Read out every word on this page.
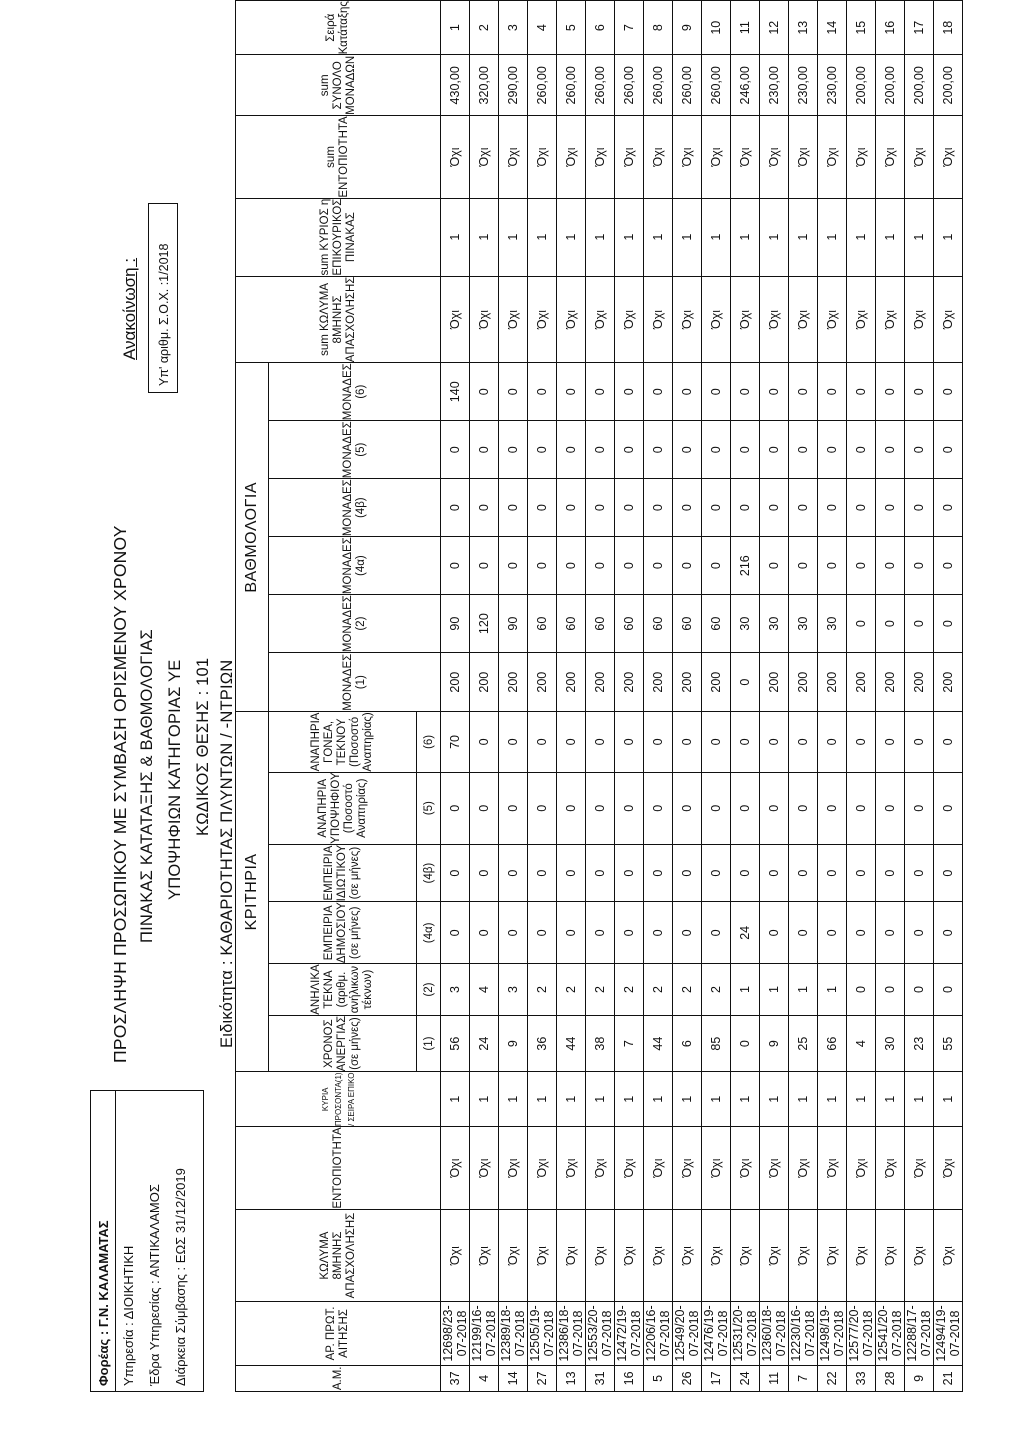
Φορέας : Γ.Ν. ΚΑΛΑΜΑΤΑΣ Υπηρεσία : ΔΙΟΙΚΗΤΙΚΗ Έδρα Υπηρεσίας : ΑΝΤΙΚΑΛΑΜΟΣ Διάρκεια Σύμβασης : ΕΩΣ 31/12/2019
ΠΡΟΣΛΗΨΗ ΠΡΟΣΩΠΙΚΟΥ ΜΕ ΣΥΜΒΑΣΗ ΟΡΙΣΜΕΝΟΥ ΧΡΟΝΟΥ ΠΙΝΑΚΑΣ ΚΑΤΑΤΑΞΗΣ & ΒΑΘΜΟΛΟΓΙΑΣ ΥΠΟΨΗΦΙΩΝ ΚΑΤΗΓΟΡΙΑΣ ΥΕ ΚΩΔΙΚΟΣ ΘΕΣΗΣ : 101 Ειδικότητα : ΚΑΘΑΡΙΟΤΗΤΑΣ ΠΛΥΝΤΩΝ / -ΝΤΡΙΩΝ
Ανακοίνωση :	Υπ' αριθμ. Σ.Ο.Χ. :1/2018
Α.Μ.	ΑΡ. ΠΡΩΤ. ΑΙΤΗΣΗΣ	ΚΩΛΥΜΑ 8ΜΗΝΗΣ ΑΠΑΣΧΟΛΗΣΗΣ	ΕΝΤΟΠΙΟΤΗΤΑ	ΚΥΡΙΑ ΠΡΟΣΟΝΤΑ(1) / ΣΕΙΡΑ ΕΠΙΚΟ	ΚΡΙΤΗΡΙΑ						ΒΑΘΜΟΛΟΓΙΑ						sum ΚΩΛΥΜΑ 8ΜΗΝΗΣ ΑΠΑΣΧΟΛΗΣΗΣ	sum ΚΥΡΙΟΣ η ΕΠΙΚΟΥΡΙΚΟΣ ΠΙΝΑΚΑΣ	sum ΕΝΤΟΠΙΟΤΗΤΑ	sum ΣΥΝΟΛΟ ΜΟΝΑΔΩΝ	Σειρά Κατάταξης
					ΧΡΟΝΟΣ ΑΝΕΡΓΙΑΣ (σε μήνες)	ΑΝΗΛΙΚΑ ΤΕΚΝΑ (αριθμ. ανήλικων τέκνων)	ΕΜΠΕΙΡΙΑ ΔΗΜΟΣΙΟΥ (σε μήνες)	ΕΜΠΕΙΡΙΑ ΙΔΙΩΤΙΚΟΥ (σε μήνες)	ΑΝΑΠΗΡΙΑ ΥΠΟΨΗΦΙΟΥ (Ποσοστό Αναπηρίας)	ΑΝΑΠΗΡΙΑ ΓΟΝΕΑ, ΤΕΚΝΟΥ (Ποσοστό Αναπηρίας)	ΜΟΝΑΔΕΣ (1)	ΜΟΝΑΔΕΣ (2)	ΜΟΝΑΔΕΣ (4α)	ΜΟΝΑΔΕΣ (4β)	ΜΟΝΑΔΕΣ (5)	ΜΟΝΑΔΕΣ (6)					
					(1)	(2)	(4α)	(4β)	(5)	(6)											
37	12698/23-07-2018	Όχι	Όχι	1	56	3	0	0	0	70	200	90	0	0	0	140	Όχι	1	Όχι	430,00	1
4	12199/16-07-2018	Όχι	Όχι	1	24	4	0	0	0	0	200	120	0	0	0	0	Όχι	1	Όχι	320,00	2
14	12389/18-07-2018	Όχι	Όχι	1	9	3	0	0	0	0	200	90	0	0	0	0	Όχι	1	Όχι	290,00	3
27	12505/19-07-2018	Όχι	Όχι	1	36	2	0	0	0	0	200	60	0	0	0	0	Όχι	1	Όχι	260,00	4
13	12386/18-07-2018	Όχι	Όχι	1	44	2	0	0	0	0	200	60	0	0	0	0	Όχι	1	Όχι	260,00	5
31	12553/20-07-2018	Όχι	Όχι	1	38	2	0	0	0	0	200	60	0	0	0	0	Όχι	1	Όχι	260,00	6
16	12472/19-07-2018	Όχι	Όχι	1	7	2	0	0	0	0	200	60	0	0	0	0	Όχι	1	Όχι	260,00	7
5	12206/16-07-2018	Όχι	Όχι	1	44	2	0	0	0	0	200	60	0	0	0	0	Όχι	1	Όχι	260,00	8
26	12549/20-07-2018	Όχι	Όχι	1	6	2	0	0	0	0	200	60	0	0	0	0	Όχι	1	Όχι	260,00	9
17	12476/19-07-2018	Όχι	Όχι	1	85	2	0	0	0	0	200	60	0	0	0	0	Όχι	1	Όχι	260,00	10
24	12531/20-07-2018	Όχι	Όχι	1	0	1	24	0	0	0	0	30	216	0	0	0	Όχι	1	Όχι	246,00	11
11	12360/18-07-2018	Όχι	Όχι	1	9	1	0	0	0	0	200	30	0	0	0	0	Όχι	1	Όχι	230,00	12
7	12230/16-07-2018	Όχι	Όχι	1	25	1	0	0	0	0	200	30	0	0	0	0	Όχι	1	Όχι	230,00	13
22	12498/19-07-2018	Όχι	Όχι	1	66	1	0	0	0	0	200	30	0	0	0	0	Όχι	1	Όχι	230,00	14
33	12577/20-07-2018	Όχι	Όχι	1	4	0	0	0	0	0	200	0	0	0	0	0	Όχι	1	Όχι	200,00	15
28	12541/20-07-2018	Όχι	Όχι	1	30	0	0	0	0	0	200	0	0	0	0	0	Όχι	1	Όχι	200,00	16
9	12288/17-07-2018	Όχι	Όχι	1	23	0	0	0	0	0	200	0	0	0	0	0	Όχι	1	Όχι	200,00	17
21	12494/19-07-2018	Όχι	Όχι	1	55	0	0	0	0	0	200	0	0	0	0	0	Όχι	1	Όχι	200,00	18
